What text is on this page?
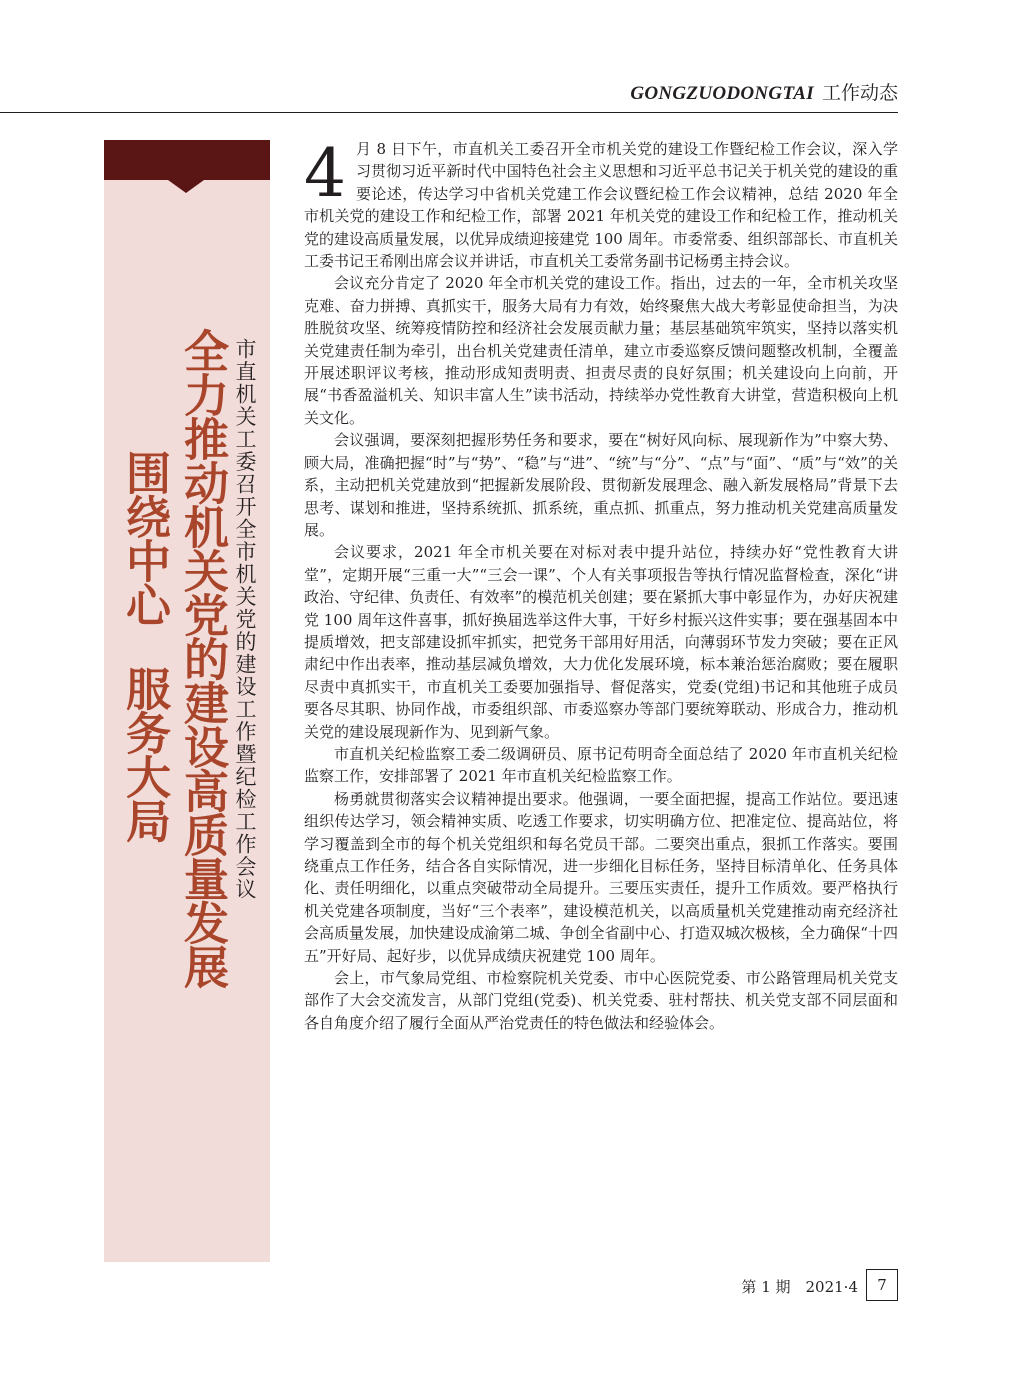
GONGZUODONGTAI 工作动态
市直机关工委召开全市机关党的建设工作暨纪检工作会议
全力推动机关党的建设高质量发展
围绕中心服务大局

4 月 8 日下午，市直机关工委召开全市机关党的建设工作暨纪检工作会议，深入学习贯彻习近平新时代中国特色社会主义思想和习近平总书记关于机关党的建设的重要论述，传达学习中省机关党建工作会议暨纪检工作会议精神，总结 2020 年全市机关党的建设工作和纪检工作，部署 2021 年机关党的建设工作和纪检工作，推动机关党的建设高质量发展，以优异成绩迎接建党 100 周年。市委常委、组织部部长、市直机关工委书记王希刚出席会议并讲话，市直机关工委常务副书记杨勇主持会议。

会议充分肯定了 2020 年全市机关党的建设工作。指出，过去的一年，全市机关攻坚克难、奋力拼搏、真抓实干，服务大局有力有效，始终聚焦大战大考彰显使命担当，为决胜脱贫攻坚、统筹疫情防控和经济社会发展贡献力量；基层基础筑牢筑实，坚持以落实机关党建责任制为牵引，出台机关党建责任清单，建立市委巡察反馈问题整改机制，全覆盖开展述职评议考核，推动形成知责明责、担责尽责的良好氛围；机关建设向上向前，开展“书香盈溢机关、知识丰富人生”读书活动，持续举办党性教育大讲堂，营造积极向上机关文化。

会议强调，要深刻把握形势任务和要求，要在“树好风向标、展现新作为”中察大势、顾大局，准确把握“时”与“势”、“稳”与“进”、“统”与“分”、“点”与“面”、“质”与“效”的关系，主动把机关党建放到“把握新发展阶段、贯彻新发展理念、融入新发展格局”背景下去思考、谋划和推进，坚持系统抓、抓系统，重点抓、抓重点，努力推动机关党建高质量发展。

会议要求，2021 年全市机关要在对标对表中提升站位，持续办好“党性教育大讲堂”，定期开展“三重一大”“三会一课”、个人有关事项报告等执行情况监督检查，深化“讲政治、守纪律、负责任、有效率”的模范机关创建；要在紧抓大事中彰显作为，办好庆祝建党 100 周年这件喜事，抓好换届选举这件大事，干好乡村振兴这件实事；要在强基固本中提质增效，把支部建设抓牢抓实，把党务干部用好用活，向薄弱环节发力突破；要在正风肃纪中作出表率，推动基层减负增效，大力优化发展环境，标本兼治惩治腐败；要在履职尽责中真抓实干，市直机关工委要加强指导、督促落实，党委(党组)书记和其他班子成员要各尽其职、协同作战，市委组织部、市委巡察办等部门要统筹联动、形成合力，推动机关党的建设展现新作为、见到新气象。

市直机关纪检监察工委二级调研员、原书记苟明奇全面总结了 2020 年市直机关纪检监察工作，安排部署了 2021 年市直机关纪检监察工作。

杨勇就贯彻落实会议精神提出要求。他强调，一要全面把握，提高工作站位。要迅速组织传达学习，领会精神实质、吃透工作要求，切实明确方位、把准定位、提高站位，将学习覆盖到全市的每个机关党组织和每名党员干部。二要突出重点，狠抓工作落实。要围绕重点工作任务，结合各自实际情况，进一步细化目标任务，坚持目标清单化、任务具体化、责任明细化，以重点突破带动全局提升。三要压实责任，提升工作质效。要严格执行机关党建各项制度，当好“三个表率”，建设模范机关，以高质量机关党建推动南充经济社会高质量发展，加快建设成渝第二城、争创全省副中心、打造双城次极核，全力确保“十四五”开好局、起好步，以优异成绩庆祝建党 100 周年。

会上，市气象局党组、市检察院机关党委、市中心医院党委、市公路管理局机关党支部作了大会交流发言，从部门党组(党委)、机关党委、驻村帮扶、机关党支部不同层面和各自角度介绍了履行全面从严治党责任的特色做法和经验体会。

第 1 期　2021·4	7
